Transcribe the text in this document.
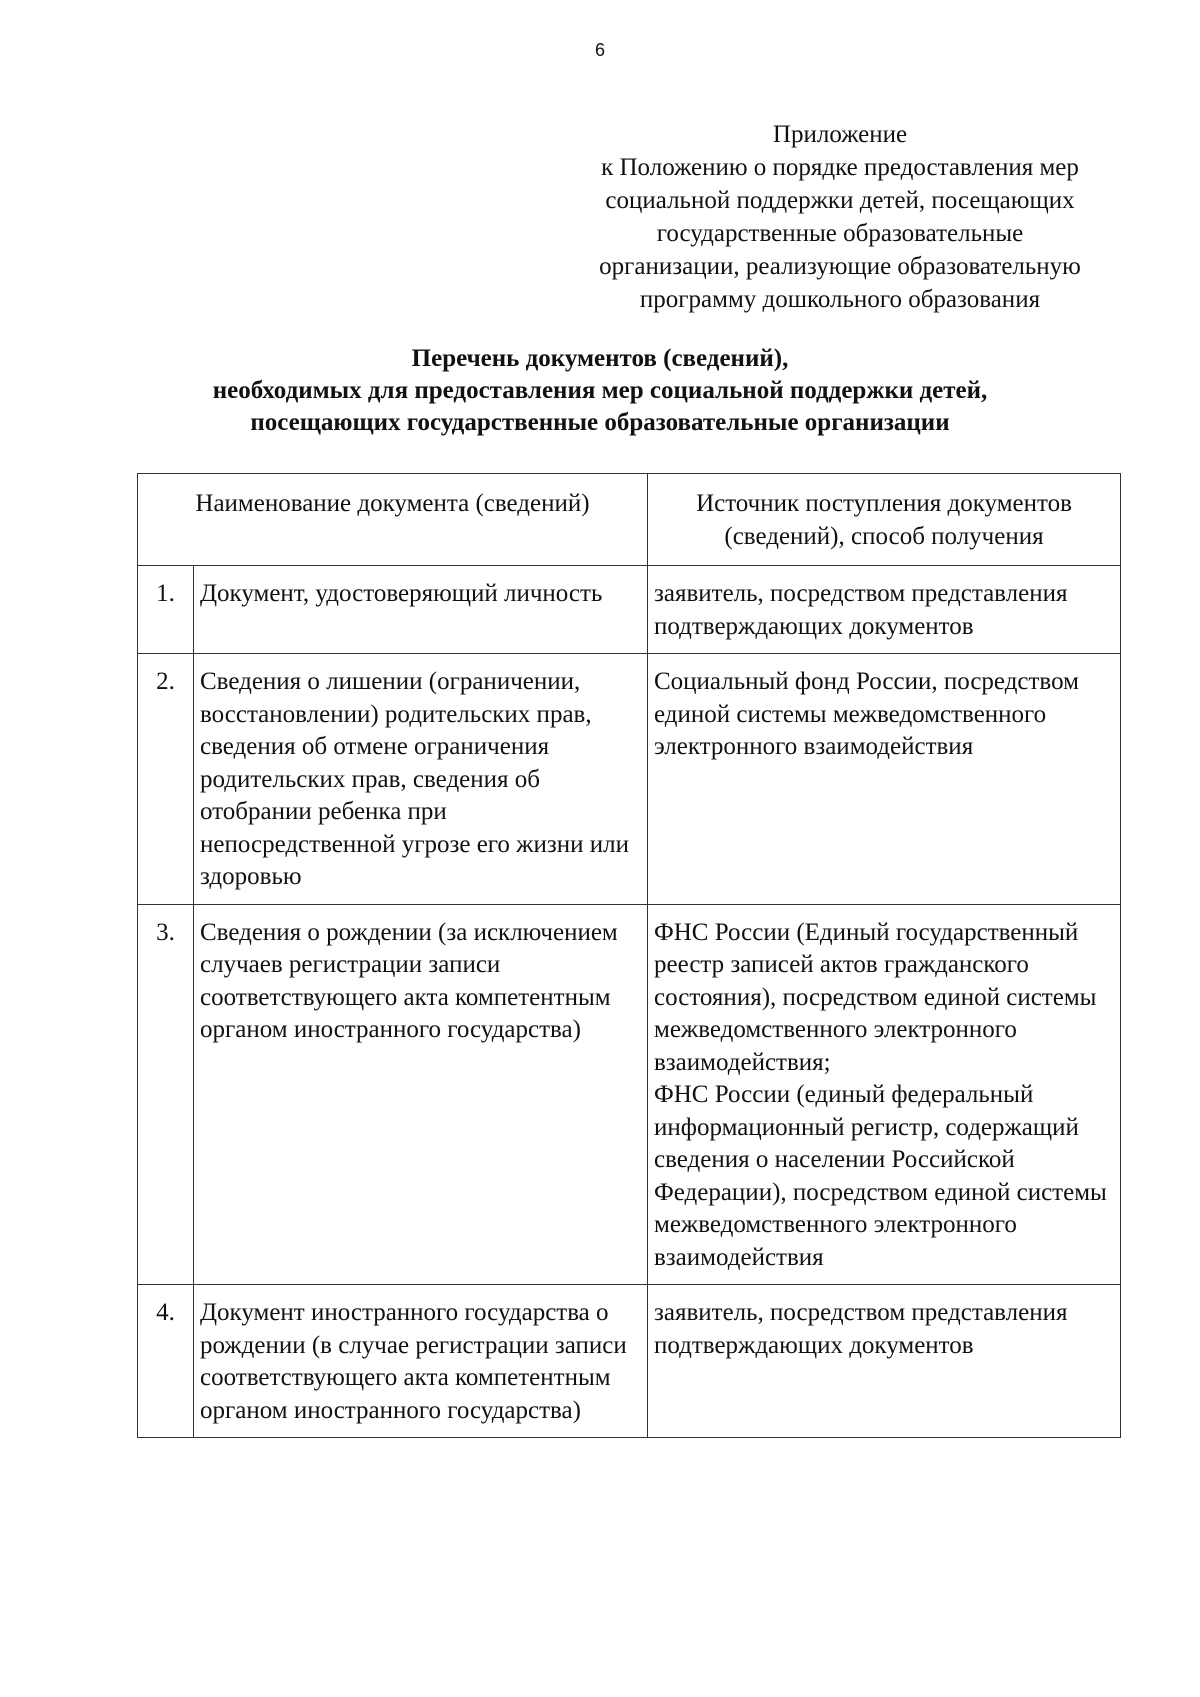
6
Приложение
к Положению о порядке предоставления мер
социальной поддержки детей, посещающих
государственные образовательные
организации, реализующие образовательную
программу дошкольного образования
Перечень документов (сведений),
необходимых для предоставления мер социальной поддержки детей,
посещающих государственные образовательные организации
Наименование документа (сведений)		Источник поступления документов (сведений), способ получения
1.	Документ, удостоверяющий личность	заявитель, посредством представления подтверждающих документов

2.	Сведения о лишении (ограничении, восстановлении) родительских прав, сведения об отмене ограничения родительских прав, сведения об отобрании ребенка при непосредственной угрозе его жизни или здоровью	Социальный фонд России, посредством единой системы межведомственного электронного взаимодействия

3.	Сведения о рождении (за исключением случаев регистрации записи соответствующего акта компетентным органом иностранного государства)	ФНС России (Единый государственный реестр записей актов гражданского состояния), посредством единой системы межведомственного электронного взаимодействия;
ФНС России (единый федеральный информационный регистр, содержащий сведения о населении Российской Федерации), посредством единой системы межведомственного электронного взаимодействия

4.	Документ иностранного государства о рождении (в случае регистрации записи соответствующего акта компетентным органом иностранного государства)	заявитель, посредством представления подтверждающих документов
